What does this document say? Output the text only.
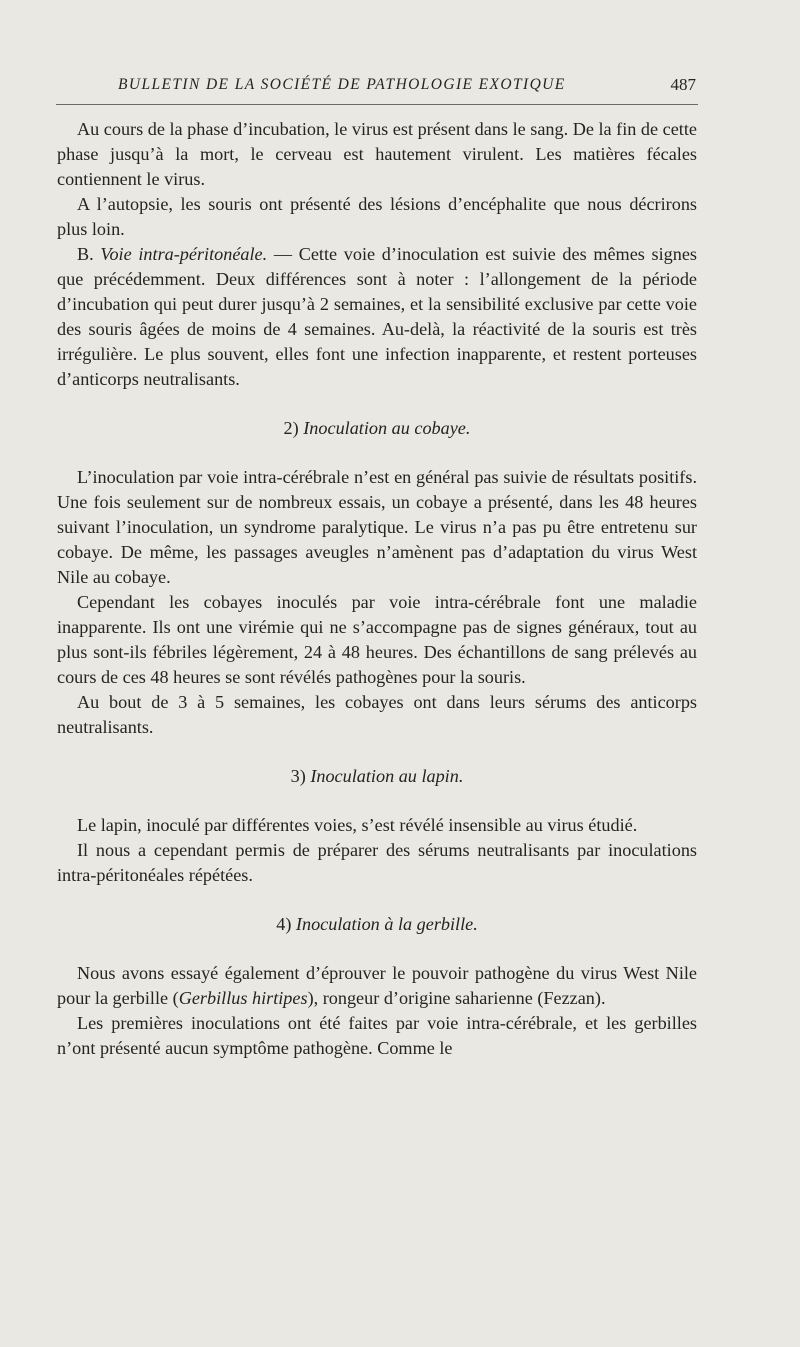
BULLETIN DE LA SOCIÉTÉ DE PATHOLOGIE EXOTIQUE	487

Au cours de la phase d’incubation, le virus est présent dans le sang. De la fin de cette phase jusqu’à la mort, le cerveau est hautement virulent. Les matières fécales contiennent le virus.

A l’autopsie, les souris ont présenté des lésions d’encéphalite que nous décrirons plus loin.

B. Voie intra-péritonéale. — Cette voie d’inoculation est suivie des mêmes signes que précédemment. Deux différences sont à noter : l’allongement de la période d’incubation qui peut durer jusqu’à 2 semaines, et la sensibilité exclusive par cette voie des souris âgées de moins de 4 semaines. Au-delà, la réactivité de la souris est très irrégulière. Le plus souvent, elles font une infection inapparente, et restent porteuses d’anticorps neutralisants.

2) Inoculation au cobaye.

L’inoculation par voie intra-cérébrale n’est en général pas suivie de résultats positifs. Une fois seulement sur de nombreux essais, un cobaye a présenté, dans les 48 heures suivant l’inoculation, un syndrome paralytique. Le virus n’a pas pu être entretenu sur cobaye. De même, les passages aveugles n’amènent pas d’adaptation du virus West Nile au cobaye.

Cependant les cobayes inoculés par voie intra-cérébrale font une maladie inapparente. Ils ont une virémie qui ne s’accompagne pas de signes généraux, tout au plus sont-ils fébriles légèrement, 24 à 48 heures. Des échantillons de sang prélevés au cours de ces 48 heures se sont révélés pathogènes pour la souris.

Au bout de 3 à 5 semaines, les cobayes ont dans leurs sérums des anticorps neutralisants.

3) Inoculation au lapin.

Le lapin, inoculé par différentes voies, s’est révélé insensible au virus étudié.

Il nous a cependant permis de préparer des sérums neutralisants par inoculations intra-péritonéales répétées.

4) Inoculation à la gerbille.

Nous avons essayé également d’éprouver le pouvoir pathogène du virus West Nile pour la gerbille (Gerbillus hirtipes), rongeur d’origine saharienne (Fezzan).

Les premières inoculations ont été faites par voie intra-cérébrale, et les gerbilles n’ont présenté aucun symptôme pathogène. Comme le
